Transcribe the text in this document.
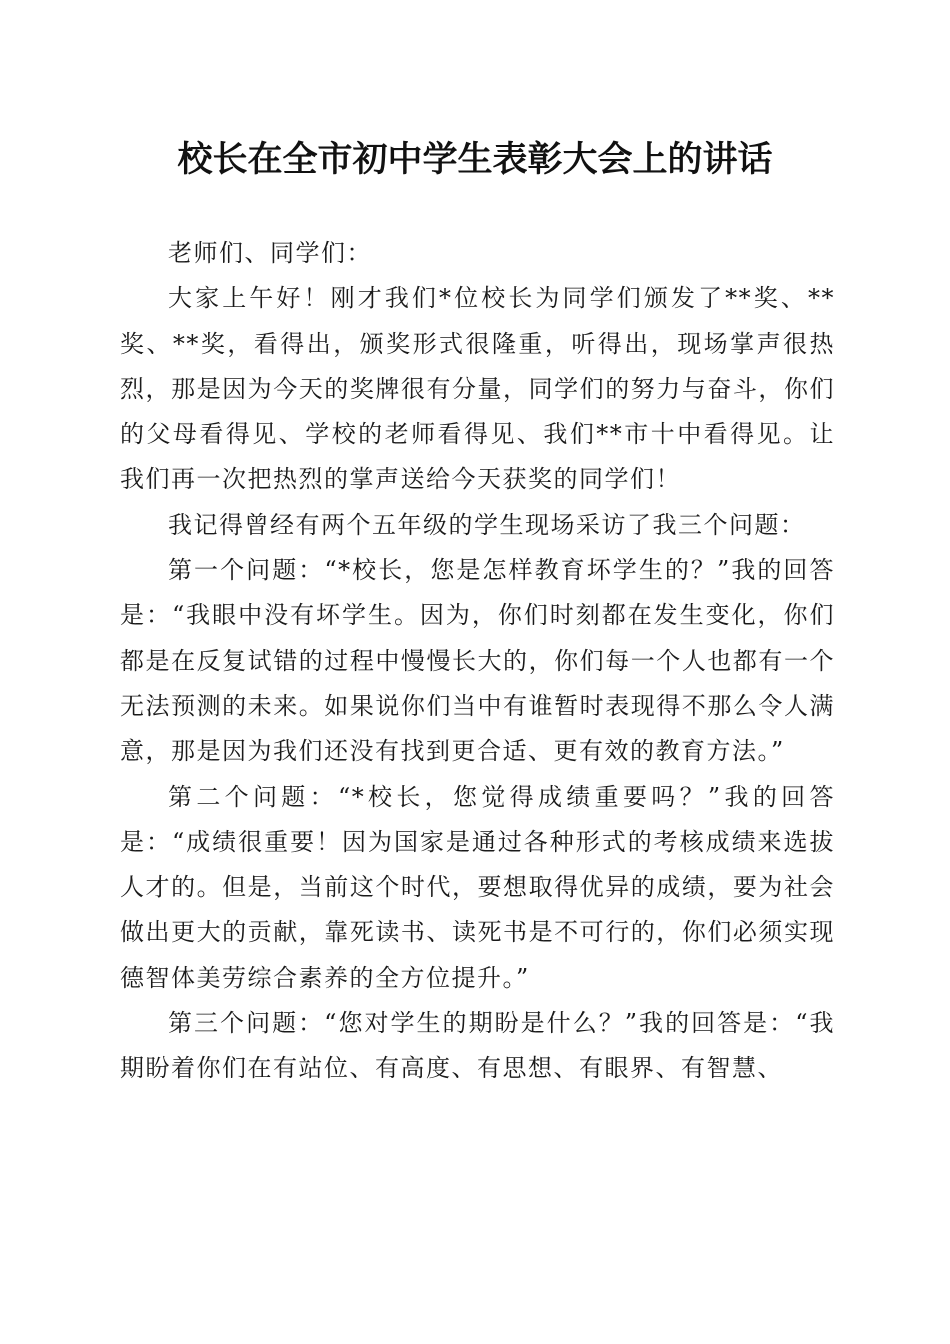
校长在全市初中学生表彰大会上的讲话

老师们、同学们：

大家上午好！刚才我们*位校长为同学们颁发了**奖、**奖、**奖，看得出，颁奖形式很隆重，听得出，现场掌声很热烈，那是因为今天的奖牌很有分量，同学们的努力与奋斗，你们的父母看得见、学校的老师看得见、我们**市十中看得见。让我们再一次把热烈的掌声送给今天获奖的同学们！

我记得曾经有两个五年级的学生现场采访了我三个问题：

第一个问题：“*校长，您是怎样教育坏学生的？”我的回答是：“我眼中没有坏学生。因为，你们时刻都在发生变化，你们都是在反复试错的过程中慢慢长大的，你们每一个人也都有一个无法预测的未来。如果说你们当中有谁暂时表现得不那么令人满意，那是因为我们还没有找到更合适、更有效的教育方法。”

第二个问题：“*校长，您觉得成绩重要吗？”我的回答是：“成绩很重要！因为国家是通过各种形式的考核成绩来选拔人才的。但是，当前这个时代，要想取得优异的成绩，要为社会做出更大的贡献，靠死读书、读死书是不可行的，你们必须实现德智体美劳综合素养的全方位提升。”

第三个问题：“您对学生的期盼是什么？”我的回答是：“我期盼着你们在有站位、有高度、有思想、有眼界、有智慧、
